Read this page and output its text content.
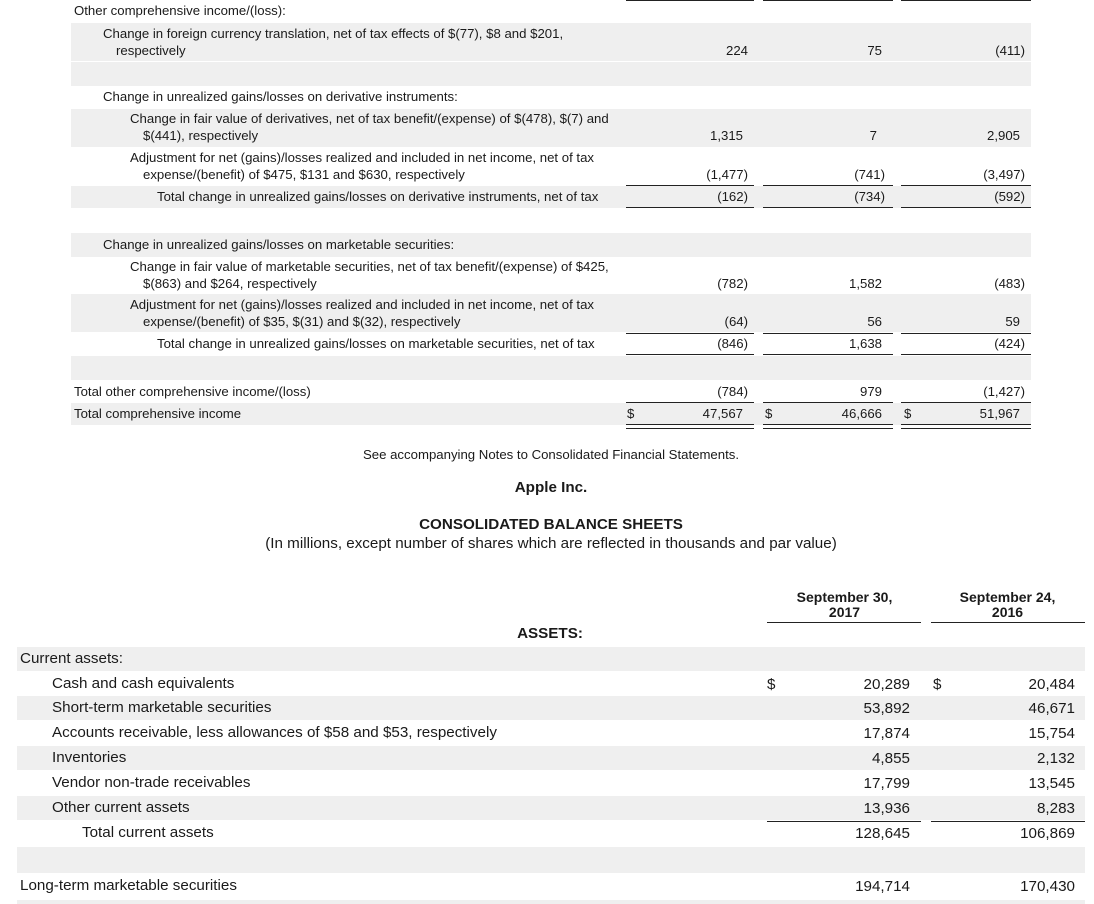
Other comprehensive income/(loss):
Change in foreign currency translation, net of tax effects of $(77), $8 and $201,
respectively	224	75	(411)
Change in unrealized gains/losses on derivative instruments:
Change in fair value of derivatives, net of tax benefit/(expense) of $(478), $(7) and
$(441), respectively	1,315	7	2,905
Adjustment for net (gains)/losses realized and included in net income, net of tax
expense/(benefit) of $475, $131 and $630, respectively	(1,477)	(741)	(3,497)
Total change in unrealized gains/losses on derivative instruments, net of tax	(162)	(734)	(592)
Change in unrealized gains/losses on marketable securities:
Change in fair value of marketable securities, net of tax benefit/(expense) of $425,
$(863) and $264, respectively	(782)	1,582	(483)
Adjustment for net (gains)/losses realized and included in net income, net of tax
expense/(benefit) of $35, $(31) and $(32), respectively	(64)	56	59
Total change in unrealized gains/losses on marketable securities, net of tax	(846)	1,638	(424)
Total other comprehensive income/(loss)	(784)	979	(1,427)
Total comprehensive income	$	47,567 $	46,666 $	51,967
See accompanying Notes to Consolidated Financial Statements.
Apple Inc.
CONSOLIDATED BALANCE SHEETS
(In millions, except number of shares which are reflected in thousands and par value)
September 30,
2017
September 24,
2016
ASSETS:
Current assets:
Cash and cash equivalents	$	20,289 $	20,484
Short-term marketable securities	53,892	46,671
Accounts receivable, less allowances of $58 and $53, respectively	17,874	15,754
Inventories	4,855	2,132
Vendor non-trade receivables	17,799	13,545
Other current assets	13,936	8,283
Total current assets	128,645	106,869
Long-term marketable securities	194,714	170,430
